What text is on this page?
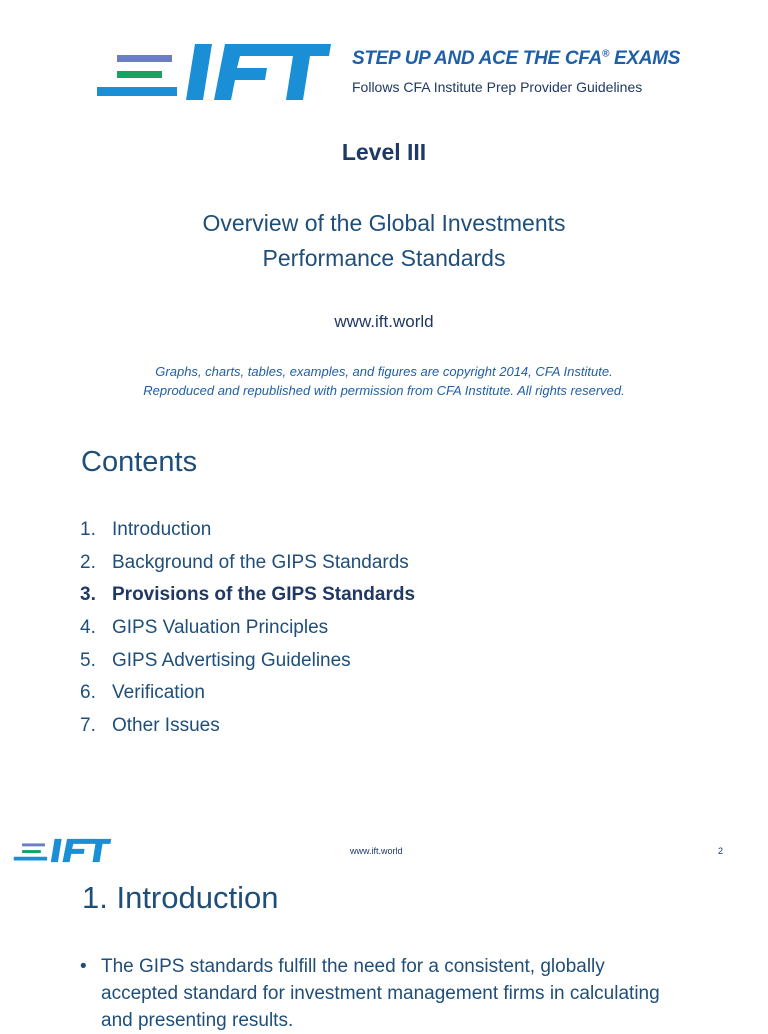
STEP UP AND ACE THE CFA® EXAMS
Follows CFA Institute Prep Provider Guidelines
Level III
Overview of the Global Investments
Performance Standards
www.ift.world
Graphs, charts, tables, examples, and figures are copyright 2014, CFA Institute.
Reproduced and republished with permission from CFA Institute. All rights reserved.
Contents
1. Introduction
2. Background of the GIPS Standards
3. Provisions of the GIPS Standards
4. GIPS Valuation Principles
5. GIPS Advertising Guidelines
6. Verification
7. Other Issues
www.ift.world	2
1. Introduction
• The GIPS standards fulfill the need for a consistent, globally accepted standard for investment management firms in calculating and presenting results.
